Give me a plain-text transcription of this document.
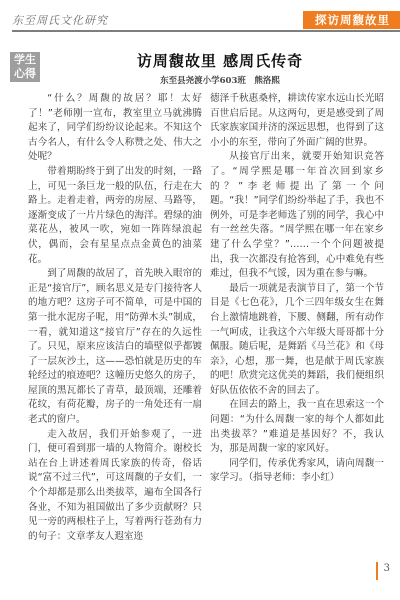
东至周氏文化研究	探访周馥故里
学生
心得
访周馥故里 感周氏传奇
东至县尧渡小学603班　熊洛熙

“什么？周馥的故居？耶！太好了！”老师刚一宣布，教室里立马就沸腾起来了，同学们纷纷议论起来。不知这个古今名人，有什么令人称赞之处、伟大之处呢？

带着期盼终于到了出发的时刻，一路上，可见一条巨龙一般的队伍，行走在大路上。走着走着，两旁的房屋、马路等，逐渐变成了一片片绿色的海洋。碧绿的油菜花丛，被风一吹，宛如一阵阵绿浪起伏，偶而，会有星星点点金黄色的油菜花。

到了周馥的故居了，首先映入眼帘的正是“接官厅”，顾名思义是专门接待客人的地方吧？这房子可不简单，可是中国的第一批水泥房子呢，用“防弹木头”制成，一看，就知道这“接官厅”存在的久远性了。只见，原来应该洁白的墙壁似乎都镀了一层灰沙土，这——恐怕就是历史的车轮经过的痕迹吧？这幢历史悠久的房子，屋顶的黑瓦都长了青草，最顶端，还雕着花纹，有荷花瓣，房子的一角处还有一扇老式的窗户。

走入故居，我们开始参观了，一进门，便可看到那一墙的人物简介。谢校长站在台上讲述着周氏家族的传奇，俗话说“富不过三代”，可这周馥的子女们，一个个却都是那么出类拔萃，遍布全国各行各业，不知为祖国做出了多少贡献呀？只见一旁的两根柱子上，写着两行苍劲有力的句子：文章孝友人遐室迩

德泽千秋惠桑梓，耕读传家水远山长光昭百世启后昆。从这两句，更是感受到了周氏家族家国并济的深远思想，也得到了这小小的东至，带向了外面广阔的世界。

从接官厅出来，就要开始知识竞答了。“周学熙是哪一年首次回到家乡的？”李老师提出了第一个问题。“我！”同学们纷纷举起了手，我也不例外，可是李老师选了别的同学，我心中有一丝丝失落。“周学熙在哪一年在家乡建了什么学堂？”……一个个问题被提出，我一次都没有抢答到，心中难免有些难过，但我不气馁，因为重在参与嘛。

最后一项就是表演节目了，第一个节目是《七色花》，几个三四年级女生在舞台上激情地跳着，下腰、侧翻，所有动作一气呵成，让我这个六年级大哥哥都十分佩服。随后呢，是舞蹈《马兰花》和《母亲》，心想，那一舞，也是献于周氏家族的吧！欣赏完这优美的舞蹈，我们便组织好队伍依依不舍的回去了。

在回去的路上，我一直在思索这一个问题：“为什么周馥一家的每个人都如此出类拔萃？”难道是基因好？不，我认为，那是周馥一家的家风好。

同学们，传承优秀家风，请向周馥一家学习。（指导老师：李小红）

3
